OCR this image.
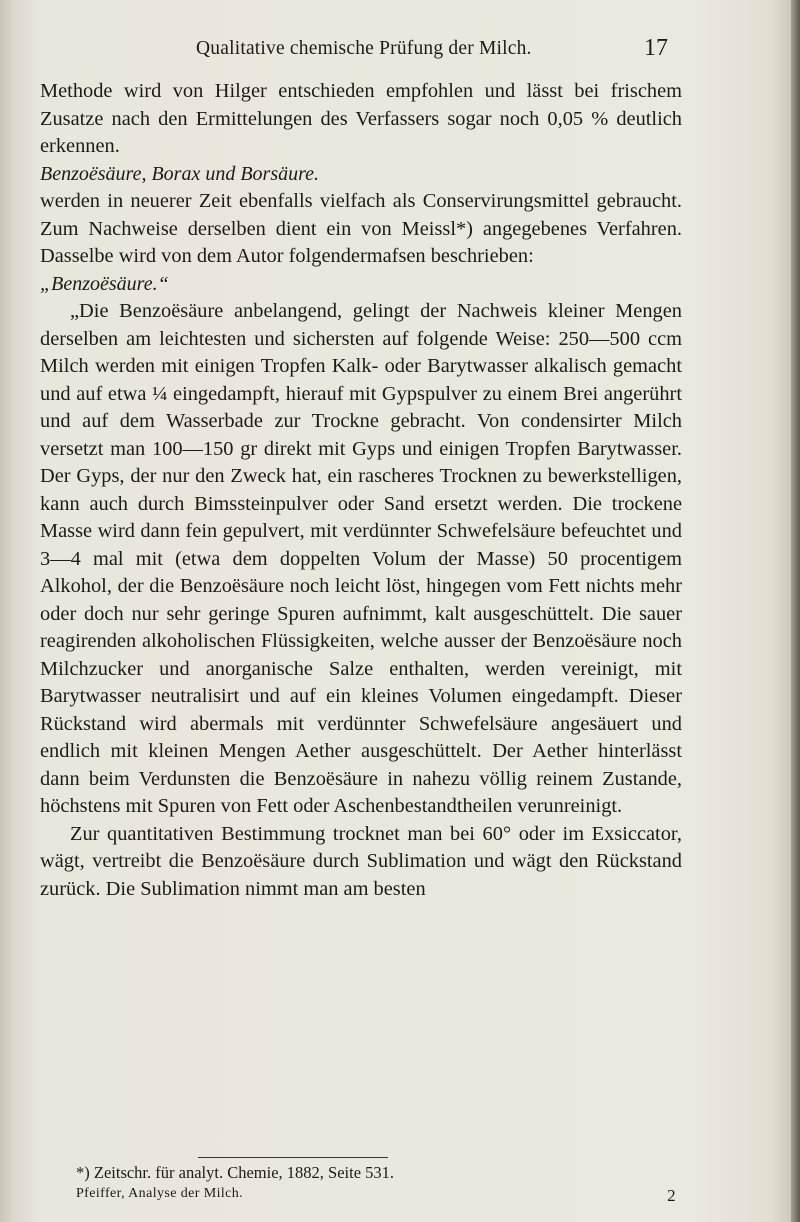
Qualitative chemische Prüfung der Milch.	17

Methode wird von Hilger entschieden empfohlen und lässt bei frischem Zusatze nach den Ermittelungen des Verfassers sogar noch 0,05 % deutlich erkennen.

Benzoësäure, Borax und Borsäure.

werden in neuerer Zeit ebenfalls vielfach als Conservirungsmittel gebraucht. Zum Nachweise derselben dient ein von Meissl*) angegebenes Verfahren. Dasselbe wird von dem Autor folgendermafsen beschrieben:

„Benzoësäure.“

„Die Benzoësäure anbelangend, gelingt der Nachweis kleiner Mengen derselben am leichtesten und sichersten auf folgende Weise: 250—500 ccm Milch werden mit einigen Tropfen Kalk- oder Barytwasser alkalisch gemacht und auf etwa ¼ eingedampft, hierauf mit Gypspulver zu einem Brei angerührt und auf dem Wasserbade zur Trockne gebracht. Von condensirter Milch versetzt man 100—150 gr direkt mit Gyps und einigen Tropfen Barytwasser. Der Gyps, der nur den Zweck hat, ein rascheres Trocknen zu bewerkstelligen, kann auch durch Bimssteinpulver oder Sand ersetzt werden. Die trockene Masse wird dann fein gepulvert, mit verdünnter Schwefelsäure befeuchtet und 3—4 mal mit (etwa dem doppelten Volum der Masse) 50 procentigem Alkohol, der die Benzoësäure noch leicht löst, hingegen vom Fett nichts mehr oder doch nur sehr geringe Spuren aufnimmt, kalt ausgeschüttelt. Die sauer reagirenden alkoholischen Flüssigkeiten, welche ausser der Benzoësäure noch Milchzucker und anorganische Salze enthalten, werden vereinigt, mit Barytwasser neutralisirt und auf ein kleines Volumen eingedampft. Dieser Rückstand wird abermals mit verdünnter Schwefelsäure angesäuert und endlich mit kleinen Mengen Aether ausgeschüttelt. Der Aether hinterlässt dann beim Verdunsten die Benzoësäure in nahezu völlig reinem Zustande, höchstens mit Spuren von Fett oder Aschenbestandtheilen verunreinigt.

Zur quantitativen Bestimmung trocknet man bei 60° oder im Exsiccator, wägt, vertreibt die Benzoësäure durch Sublimation und wägt den Rückstand zurück. Die Sublimation nimmt man am besten

*) Zeitschr. für analyt. Chemie, 1882, Seite 531.
Pfeiffer, Analyse der Milch.	2
